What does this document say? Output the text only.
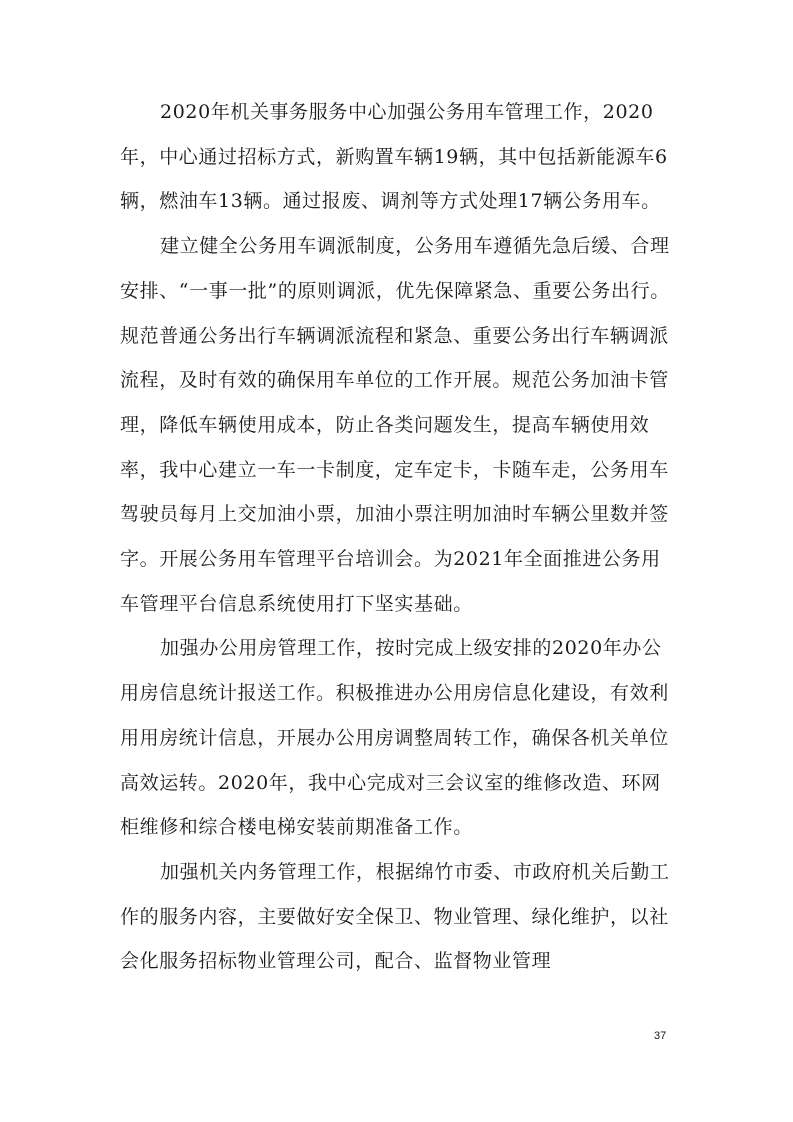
2020年机关事务服务中心加强公务用车管理工作，2020年，中心通过招标方式，新购置车辆19辆，其中包括新能源车6辆，燃油车13辆。通过报废、调剂等方式处理17辆公务用车。

建立健全公务用车调派制度，公务用车遵循先急后缓、合理安排、“一事一批”的原则调派，优先保障紧急、重要公务出行。规范普通公务出行车辆调派流程和紧急、重要公务出行车辆调派流程，及时有效的确保用车单位的工作开展。规范公务加油卡管理，降低车辆使用成本，防止各类问题发生，提高车辆使用效率，我中心建立一车一卡制度，定车定卡，卡随车走，公务用车驾驶员每月上交加油小票，加油小票注明加油时车辆公里数并签字。开展公务用车管理平台培训会。为2021年全面推进公务用车管理平台信息系统使用打下坚实基础。

加强办公用房管理工作，按时完成上级安排的2020年办公用房信息统计报送工作。积极推进办公用房信息化建设，有效利用用房统计信息，开展办公用房调整周转工作，确保各机关单位高效运转。2020年，我中心完成对三会议室的维修改造、环网柜维修和综合楼电梯安装前期准备工作。

加强机关内务管理工作，根据绵竹市委、市政府机关后勤工作的服务内容，主要做好安全保卫、物业管理、绿化维护，以社会化服务招标物业管理公司，配合、监督物业管理

37
